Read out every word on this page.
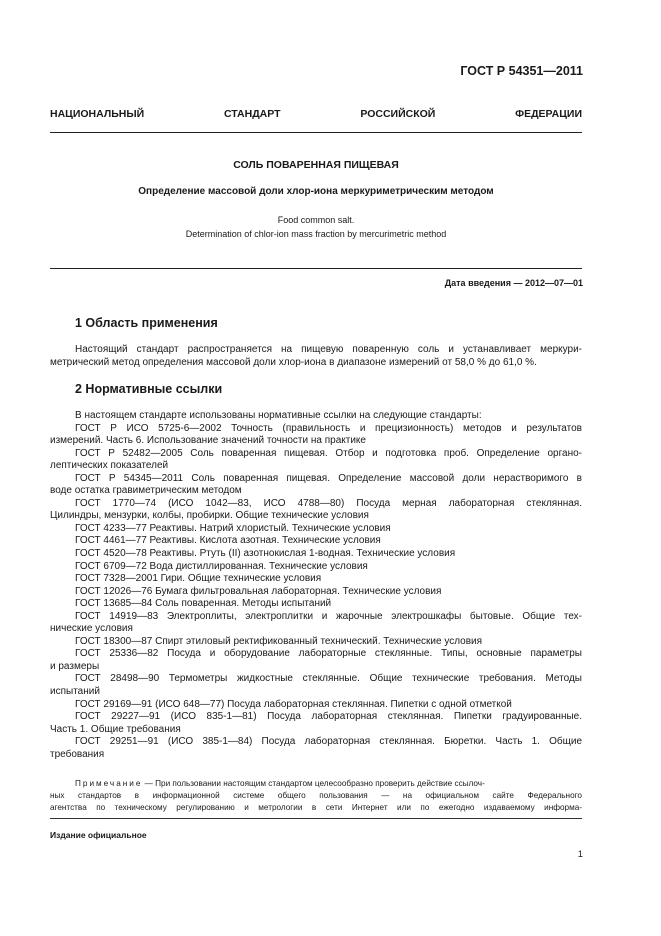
ГОСТ Р 54351—2011
НАЦИОНАЛЬНЫЙ	СТАНДАРТ	РОССИЙСКОЙ	ФЕДЕРАЦИИ
СОЛЬ ПОВАРЕННАЯ ПИЩЕВАЯ
Определение массовой доли хлор-иона меркуриметрическим методом
Food common salt.
Determination of chlor-ion mass fraction by mercurimetric method
Дата введения — 2012—07—01
1 Область применения
Настоящий стандарт распространяется на пищевую поваренную соль и устанавливает меркури-
метрический метод определения массовой доли хлор-иона в диапазоне измерений от 58,0 % до 61,0 %.
2 Нормативные ссылки
В настоящем стандарте использованы нормативные ссылки на следующие стандарты:
ГОСТ Р ИСО 5725-6—2002 Точность (правильность и прецизионность) методов и результатов
измерений. Часть 6. Использование значений точности на практике
ГОСТ Р 52482—2005 Соль поваренная пищевая. Отбор и подготовка проб. Определение органо-
лептических показателей
ГОСТ Р 54345—2011 Соль поваренная пищевая. Определение массовой доли нерастворимого в
воде остатка гравиметрическим методом
ГОСТ 1770—74 (ИСО 1042—83, ИСО 4788—80) Посуда мерная лабораторная стеклянная.
Цилиндры, мензурки, колбы, пробирки. Общие технические условия
ГОСТ 4233—77 Реактивы. Натрий хлористый. Технические условия
ГОСТ 4461—77 Реактивы. Кислота азотная. Технические условия
ГОСТ 4520—78 Реактивы. Ртуть (II) азотнокислая 1-водная. Технические условия
ГОСТ 6709—72 Вода дистиллированная. Технические условия
ГОСТ 7328—2001 Гири. Общие технические условия
ГОСТ 12026—76 Бумага фильтровальная лабораторная. Технические условия
ГОСТ 13685—84 Соль поваренная. Методы испытаний
ГОСТ 14919—83 Электроплиты, электроплитки и жарочные электрошкафы бытовые. Общие тех-
нические условия
ГОСТ 18300—87 Спирт этиловый ректификованный технический. Технические условия
ГОСТ 25336—82 Посуда и оборудование лабораторные стеклянные. Типы, основные параметры
и размеры
ГОСТ 28498—90 Термометры жидкостные стеклянные. Общие технические требования. Методы
испытаний
ГОСТ 29169—91 (ИСО 648—77) Посуда лабораторная стеклянная. Пипетки с одной отметкой
ГОСТ 29227—91 (ИСО 835-1—81) Посуда лабораторная стеклянная. Пипетки градуированные.
Часть 1. Общие требования
ГОСТ 29251—91 (ИСО 385-1—84) Посуда лабораторная стеклянная. Бюретки. Часть 1. Общие
требования
Примечание — При пользовании настоящим стандартом целесообразно проверить действие ссылоч-
ных стандартов в информационной системе общего пользования — на официальном сайте Федерального
агентства по техническому регулированию и метрологии в сети Интернет или по ежегодно издаваемому информа-
Издание официальное
1
